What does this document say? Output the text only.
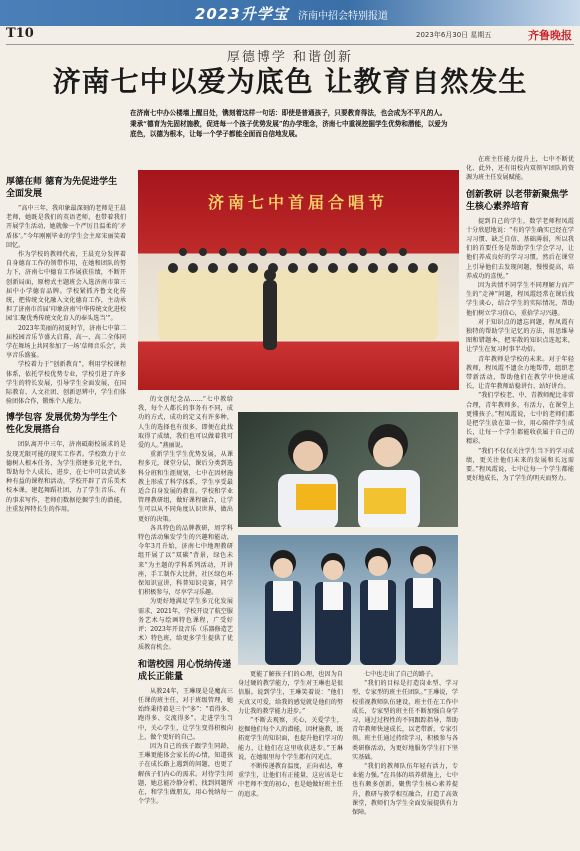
2023升学宝 济南中招会特别报道
T10	2023年6月30日 星期五	齐鲁晚报
厚德博学 和谐创新
济南七中以爱为底色 让教育自然发生
在济南七中办公楼墙上醒目处，镌刻着这样一句话：即使是普通孩子，只要教育得法，也会成为不平凡的人。秉承“德育为先固材施教，促进每一个孩子优势发展”的办学理念，济南七中重视挖掘学生优势和潜能，以爱为底色，以德为根本，让每一个学子都能全面而自信地发展。

厚德在师 德育为先促进学生全面发展

“高中三年，我印象最深刻的老师是王晨老师，她既是我们的英语老师，也带着我们开展学生活动，她就像一个严厉且温柔的‘矛盾体’。”今年刚刚毕业的学生会主席宋丽笑着回忆。

作为学校的教师代表，王晨充分发挥着自身德育工作的领带作用，在她和团队的努力下，济南七中德育工作展获佳绩，不断开创新局面，原榜式主题班会入选济南市第三届中小学德育品牌。学校紧抓齐鲁文化传统，把传统文化融入文化德育工作，主动承担了济南市首届‘印象济南’中华传统文化进校园‘汇聚优秀传统文化育人的奉头选当’”。

2023年美丽的初夏时节，济南七中第二届校园音乐节盛大启幕，高一、高二全体同学在舞场上共同参加了一场‘草师音乐会’，共享音乐盛宴。

学校着力于“创新教育”，利用学校课程体系，依托学校优势专业，学校引进了许多学生的特长发展，引导学生全面发展，在国际教育、人文社团、创新思辨中，学生们体验团体合作，锻炼个人能力。

博学包容 发展优势为学生个性化发展搭台

团队离开中三年，济南砥砺校展求的是发现无限可能的现实工作者。学校致力于立德树人根本任务，为学生搭建多元化平台，帮助每个人成长，进步，在七中可以尝试多种有益的课程和活动，学校开辟了音乐美术校本课，建起舞蹈社团，力了学生音乐、有的事求写作，老师们数据挖掘学生的潜能，注重发挥特长生的作用。

济南七中首届合唱节

的文创纪念品……“七中教给我，每个人都长的事务有不同，成功的方式，成功的定义有许多种，人生的选择也有很多，即便在此找取得了成绩，我们也可以做着我可爱的人。”燕丽说。

重新学生学生优势发展，从课程多元，课堂分层，课后分类到选科分班和生涯规划，七中在因材施教上形成了科学体系，学生享受最适合自身发展的教育。学校和学业管理教研组，做好课程融合，让学生可以从不同角度认识世界，做出更好的决策。

各具特色的品牌教研，周学科特色活动集发学生的兴趣和能动，今年3月升始，济南七中地理教研组开展了以“双碳”背景，绿色未来“为主题的学科系列活动，开讲座，手工制作大比拼，社区绿色环保知识宣讲，科普知识竞赛，同学们积极参与，尽享学习乐趣。

为更好地满足学生多元化发展需求，2021年，学校开设了航空服务艺术与绘画特色课程，广受好评；2023年开设音乐（乐器修造艺术）特色班，给更多学生提供了优质教育机会。

和谐校园 用心悦纳传递成长正能量

从教24年，王琳现是是魔高三任课的班主任，对于班级管理，她始终秉持着是三个“多”：“看得多、跑得多、交流得多”。走进学生当中，关心学生，让学生变得积极向上，做个更好的自己。

因为自己的孩子跟学生同龄，王琳更能体会家长的心情，知道孩子在成长路上遇到的问题，也更了解孩子们内心的需求。对待学生问题，她总能冷静分析，找到问题所在，和学生做朋友，用心悦纳每一个学生。

更能了解孩子们的心理，也因为自身过硬的教学能力，学生对王琳也是很信服。说到学生，王琳笑着说：“他们天真又可爱，给我的感觉就是他们的努力让我的教学能力进步。”

“不断去观察，关心，关爱学生，挖掘他们每个人的潜能，因材施教，既拓宽学生的知识面，也提升他们学习的能力，让他们在这里收获进步。”王琳说，在她眼里每个学生都有闪光点。

不断传递教育温度，正向表达，尊重学生，让他们有正能量，这应该是七中老师不变的初心，也是她做好班主任的追求。

七中也走出了自己的路子。

“我们的目标是打造岗业型、学习型、专家型的班主任团队。”王琳说，学校重视教师队伍建设，班主任在工作中成长，专家型的班主任不断加强自身学习，通过过程性的不同跟踪指导，帮助青年教师快速成长，以老带新，专家引领。班主任通过持续学习，积极参与各类研修活动，为更好地服务学生打下坚实基础。

“我们的教师队伍年轻有活力，专业能力强。”在具体的培养措施上，七中也有颇多创新，聚焦学生核心素养提升，教研与教学相互融合，打造了高效课堂，教师们为学生全面发展提供有力保障。

在班主任能力提升上，七中不断优化、此外，还有用校内双领军团队的资源为班主任发展赋能。

创新教研 以老带新聚焦学生核心素养培育

提到自己的学生，数学老师程凤霞十分欣慰地说：“有的学生确实已经在学习习惯、缺乏自信、基础薄弱，所以我们的首要任务是帮助学生学会学习，让他们养成良好的学习习惯，然后在课堂上引导他们去发现问题，慢慢提高，培养成功的喜悦。”

因为共情不同学生不同理解力而产生的“走神”问题，程凤霞经常在课后找学生谈心，结合学生的实际情况，帮助他们树立学习信心，重拾学习兴趣。

对于知识点的遗忘问题，程凤霞有独特的帮助学生记忆的方法，用思维导图和错题本，把零散的知识点连起来，让学生在复习时事半功倍。

青年教师是学校的未来。对于年轻教师，程凤霞不遗余力地帮带，组织老带新活动，帮助他们在教学中快速成长，让青年教师站稳讲台、站好讲台。

“我们学校老、中、青教师配比非常合理，青年教师多，有活力，在课堂上更懂孩子。”程凤霞说，七中的老师们都是把学生放在第一位，用心陪伴学生成长，让每一个学生都能收获属于自己的精彩。

“我们不仅仅关注学生当下的学习成绩，更关注他们未来的发展和长远需要。”程凤霞说，七中让每一个学生都能更好地成长，为了学生的明天而努力。
